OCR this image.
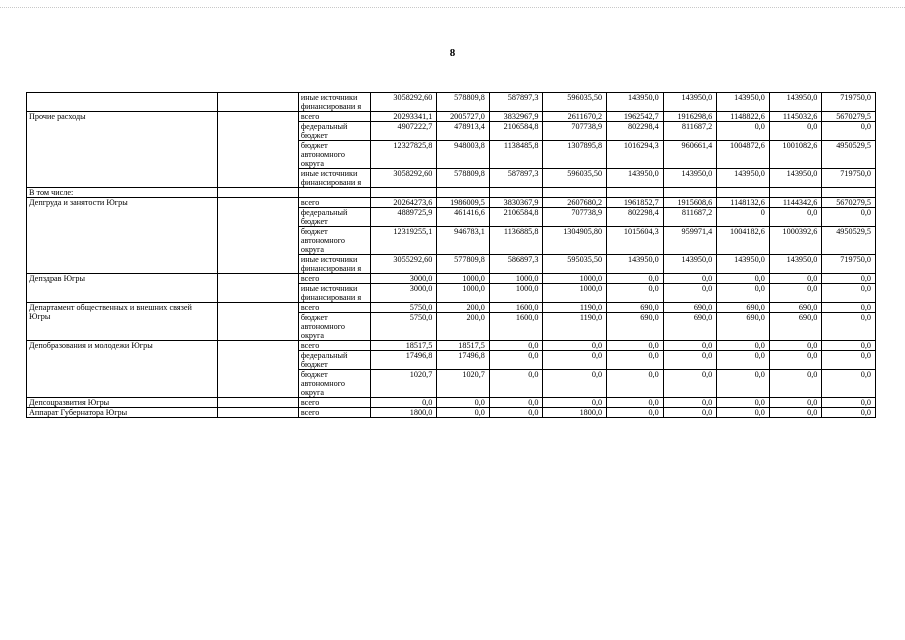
8
		иные источники финансировани я	3058292,60	578809,8	587897,3	596035,50	143950,0	143950,0	143950,0	143950,0	719750,0
Прочие расходы		всего	20293341,1	2005727,0	3832967,9	2611670,2	1962542,7	1916298,6	1148822,6	1145032,6	5670279,5
		федеральный бюджет	4907222,7	478913,4	2106584,8	707738,9	802298,4	811687,2	0,0	0,0	0,0
		бюджет автономного округа	12327825,8	948003,8	1138485,8	1307895,8	1016294,3	960661,4	1004872,6	1001082,6	4950529,5
		иные источники финансировани я	3058292,60	578809,8	587897,3	596035,50	143950,0	143950,0	143950,0	143950,0	719750,0
В том числе:											
Депгруда и занятости Югры		всего	20264273,6	1986009,5	3830367,9	2607680,2	1961852,7	1915608,6	1148132,6	1144342,6	5670279,5
		федеральный бюджет	4889725,9	461416,6	2106584,8	707738,9	802298,4	811687,2	0	0,0	0,0
		бюджет автономного округа	12319255,1	946783,1	1136885,8	1304905,80	1015604,3	959971,4	1004182,6	1000392,6	4950529,5
		иные источники финансировани я	3055292,60	577809,8	586897,3	595035,50	143950,0	143950,0	143950,0	143950,0	719750,0
Депздрав Югры		всего	3000,0	1000,0	1000,0	1000,0	0,0	0,0	0,0	0,0	0,0
		иные источники финансировани я	3000,0	1000,0	1000,0	1000,0	0,0	0,0	0,0	0,0	0,0
Департамент общественных и внешних связей Югры		всего	5750,0	200,0	1600,0	1190,0	690,0	690,0	690,0	690,0	0,0
		бюджет автономного округа	5750,0	200,0	1600,0	1190,0	690,0	690,0	690,0	690,0	0,0
Депобразования и молодежи Югры		всего	18517,5	18517,5	0,0	0,0	0,0	0,0	0,0	0,0	0,0
		федеральный бюджет	17496,8	17496,8	0,0	0,0	0,0	0,0	0,0	0,0	0,0
		бюджет автономного округа	1020,7	1020,7	0,0	0,0	0,0	0,0	0,0	0,0	0,0
Депсоцразвития Югры		всего	0,0	0,0	0,0	0,0	0,0	0,0	0,0	0,0	0,0
Аппарат Губернатора Югры		всего	1800,0	0,0	0,0	1800,0	0,0	0,0	0,0	0,0	0,0
